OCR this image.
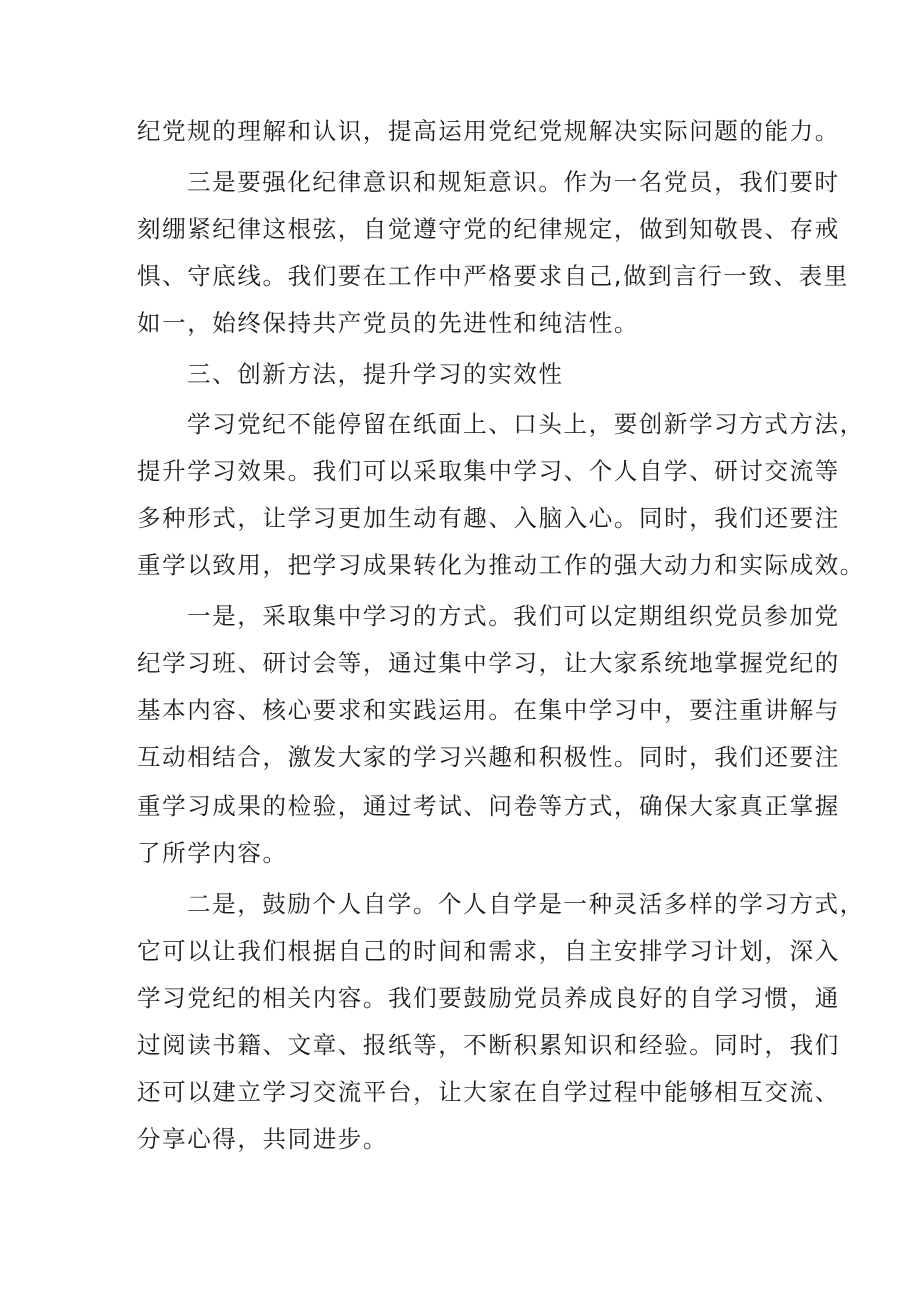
纪党规的理解和认识，提高运用党纪党规解决实际问题的能力。

三是要强化纪律意识和规矩意识。作为一名党员，我们要时

刻绷紧纪律这根弦，自觉遵守党的纪律规定，做到知敬畏、存戒

惧、守底线。我们要在工作中严格要求自己,做到言行一致、表里

如一，始终保持共产党员的先进性和纯洁性。

三、创新方法，提升学习的实效性

学习党纪不能停留在纸面上、口头上，要创新学习方式方法，

提升学习效果。我们可以采取集中学习、个人自学、研讨交流等

多种形式，让学习更加生动有趣、入脑入心。同时，我们还要注

重学以致用，把学习成果转化为推动工作的强大动力和实际成效。

一是，采取集中学习的方式。我们可以定期组织党员参加党

纪学习班、研讨会等，通过集中学习，让大家系统地掌握党纪的

基本内容、核心要求和实践运用。在集中学习中，要注重讲解与

互动相结合，激发大家的学习兴趣和积极性。同时，我们还要注

重学习成果的检验，通过考试、问卷等方式，确保大家真正掌握

了所学内容。

二是，鼓励个人自学。个人自学是一种灵活多样的学习方式，

它可以让我们根据自己的时间和需求，自主安排学习计划，深入

学习党纪的相关内容。我们要鼓励党员养成良好的自学习惯，通

过阅读书籍、文章、报纸等，不断积累知识和经验。同时，我们

还可以建立学习交流平台，让大家在自学过程中能够相互交流、

分享心得，共同进步。
